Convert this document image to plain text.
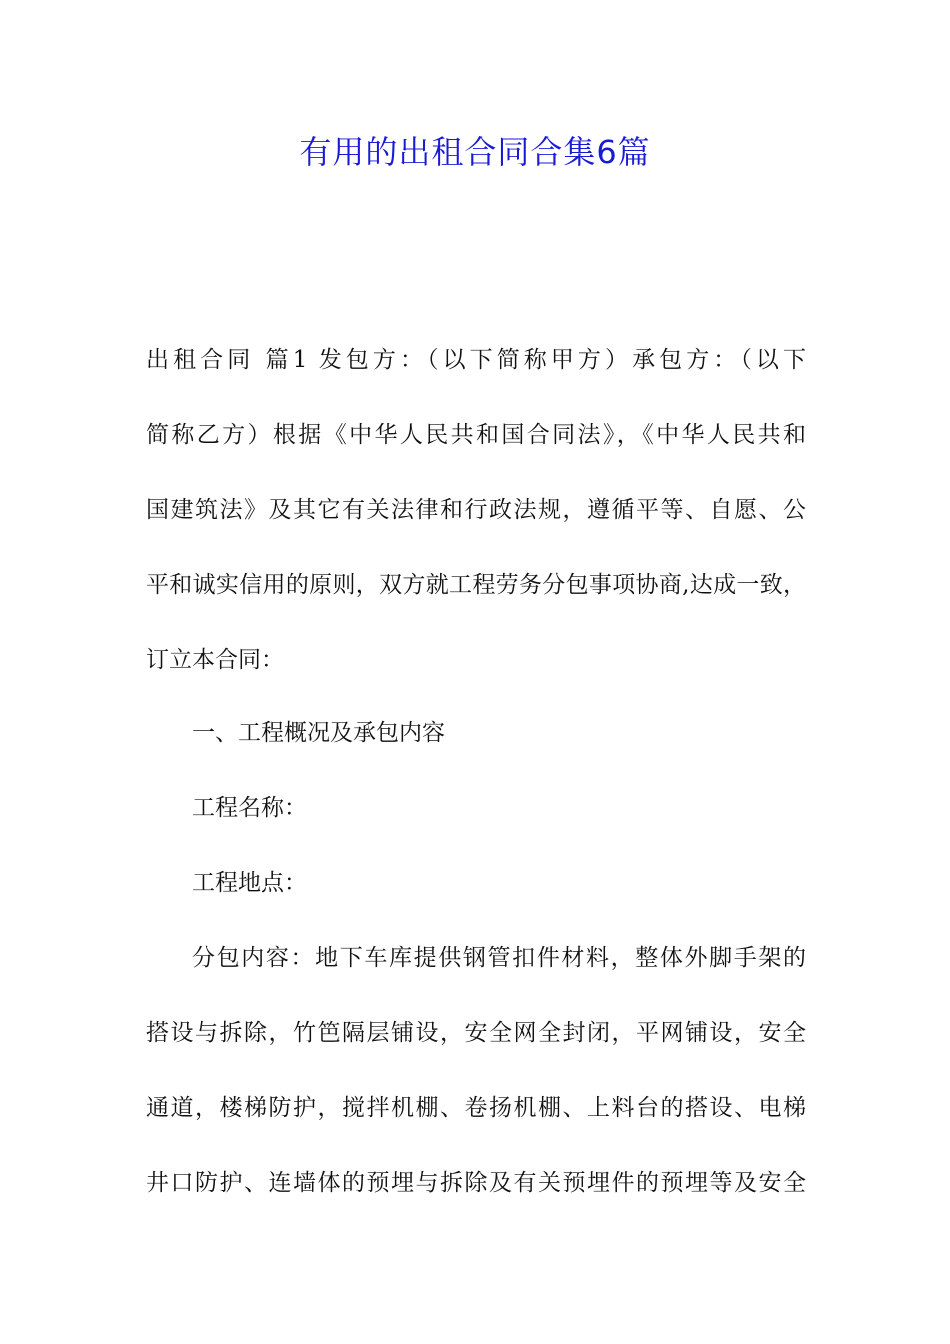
有用的出租合同合集6篇
出租合同 篇1 发包方：（以下简称甲方）承包方：（以下
简称乙方）根据《中华人民共和国合同法》，《中华人民共和
国建筑法》及其它有关法律和行政法规，遵循平等、自愿、公
平和诚实信用的原则，双方就工程劳务分包事项协商,达成一致，
订立本合同：
一、工程概况及承包内容
工程名称：
工程地点：
分包内容：地下车库提供钢管扣件材料，整体外脚手架的
搭设与拆除，竹笆隔层铺设，安全网全封闭，平网铺设，安全
通道，楼梯防护，搅拌机棚、卷扬机棚、上料台的搭设、电梯
井口防护、连墙体的预埋与拆除及有关预埋件的预埋等及安全
